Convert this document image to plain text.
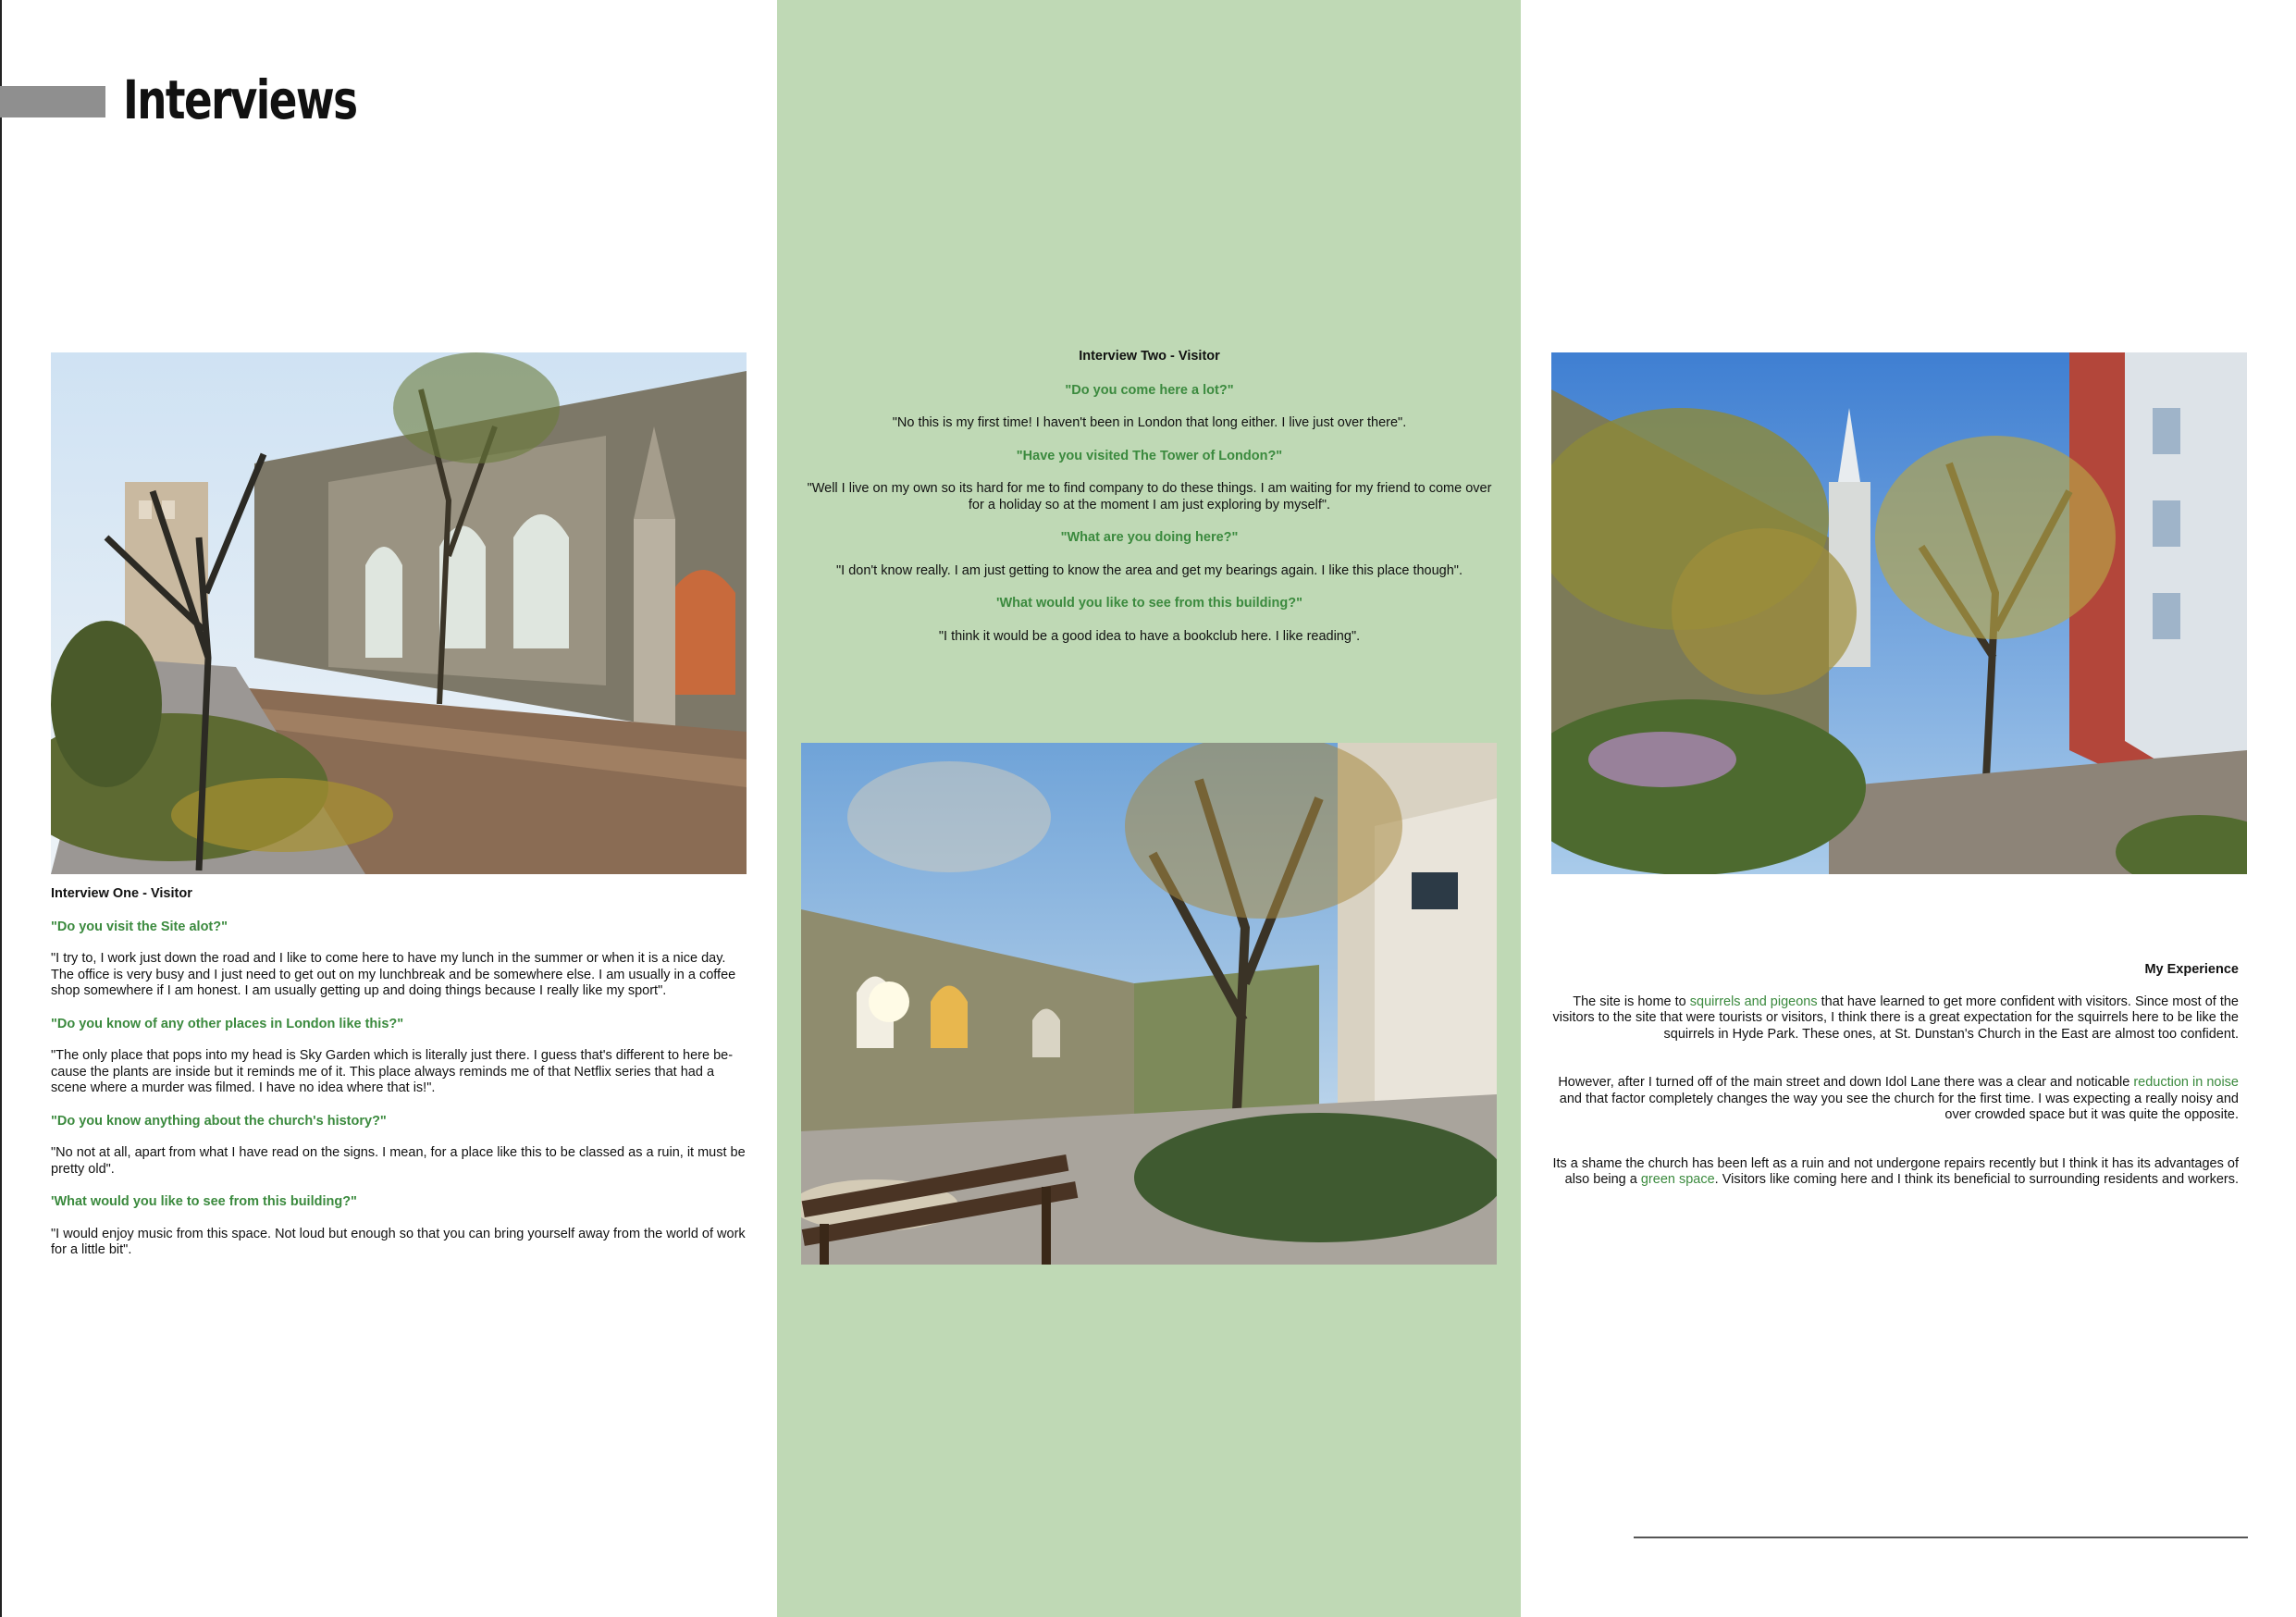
Interviews

Interview One - Visitor

"Do you visit the Site alot?"

"I try to, I work just down the road and I like to come here to have my lunch in the summer or when it is a nice day. The office is very busy and I just need to get out on my lunchbreak and be somewhere else. I am usually in a coffee shop somewhere if I am honest. I am usually getting up and doing things because I really like my sport".

"Do you know of any other places in London like this?"

"The only place that pops into my head is Sky Garden which is literally just there. I guess that's different to here be-cause the plants are inside but it reminds me of it. This place always reminds me of that Netflix series that had a scene where a murder was filmed. I have no idea where that is!".

"Do you know anything about the church's history?"

"No not at all, apart from what I have read on the signs. I mean, for a place like this to be classed as a ruin, it must be pretty old".

'What would you like to see from this building?"

"I would enjoy music from this space. Not loud but enough so that you can bring yourself away from the world of work for a little bit".

Interview Two - Visitor

"Do you come here a lot?"

"No this is my first time! I haven't been in London that long either. I live just over there".

"Have you visited The Tower of London?"

"Well I live on my own so its hard for me to find company to do these things. I am waiting for my friend to come over for a holiday so at the moment I am just exploring by myself".

"What are you doing here?"

"I don't know really. I am just getting to know the area and get my bearings again. I like this place though".

'What would you like to see from this building?"

"I think it would be a good idea to have a bookclub here. I like reading".

My Experience

The site is home to squirrels and pigeons that have learned to get more confident with visitors. Since most of the visitors to the site that were tourists or visitors, I think there is a great expectation for the squirrels here to be like the squirrels in Hyde Park. These ones, at St. Dunstan's Church in the East are almost too confident.

However, after I turned off of the main street and down Idol Lane there was a clear and noticable reduction in noise and that factor completely changes the way you see the church for the first time. I was expecting a really noisy and over crowded space but it was quite the opposite.

Its a shame the church has been left as a ruin and not undergone repairs recently but I think it has its advantages of also being a green space. Visitors like coming here and I think its beneficial to surrounding residents and workers.
